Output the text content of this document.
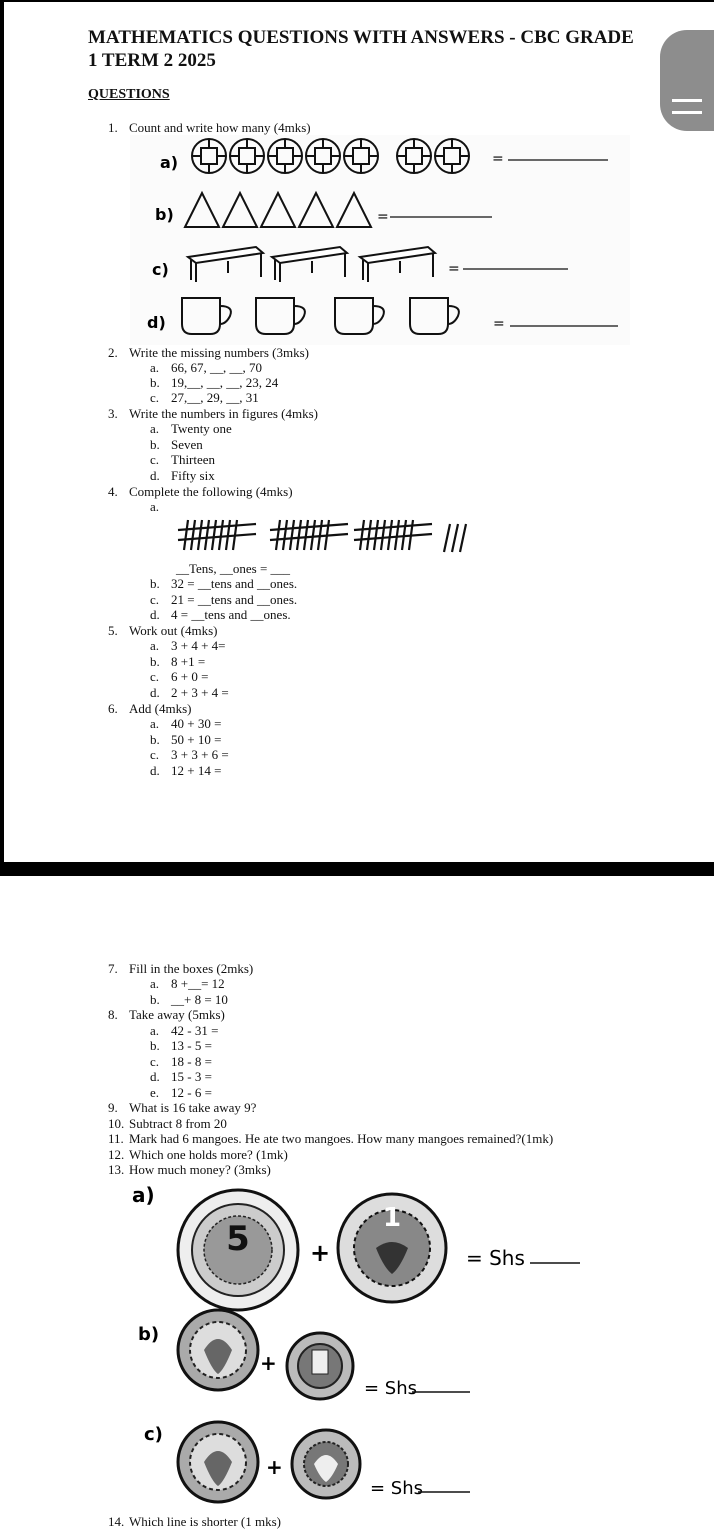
MATHEMATICS QUESTIONS WITH ANSWERS - CBC GRADE 1 TERM 2 2025
QUESTIONS
1. Count and write how many (4mks)
a)
b)
c)
d)
=
=
=
=
2. Write the missing numbers (3mks)
a. 66, 67, __, __, 70
b. 19,__, __, __, 23, 24
c. 27,__, 29, __, 31
3. Write the numbers in figures (4mks)
a. Twenty one
b. Seven
c. Thirteen
d. Fifty six
4. Complete the following (4mks)
a.
__Tens, __ones = ___
b. 32 = __tens and __ones.
c. 21 = __tens and __ones.
d. 4 = __tens and __ones.
5. Work out (4mks)
a. 3 + 4 + 4=
b. 8 +1 =
c. 6 + 0 =
d. 2 + 3 + 4 =
6. Add (4mks)
a. 40 + 30 =
b. 50 + 10 =
c. 3 + 3 + 6 =
d. 12 + 14 =
7. Fill in the boxes (2mks)
a. 8 +__= 12
b. __+ 8 = 10
8. Take away (5mks)
a. 42 - 31 =
b. 13 - 5 =
c. 18 - 8 =
d. 15 - 3 =
e. 12 - 6 =
9. What is 16 take away 9?
10. Subtract 8 from 20
11. Mark had 6 mangoes. He ate two mangoes. How many mangoes remained?(1mk)
12. Which one holds more? (1mk)
13. How much money? (3mks)
a)
b)
c)
5	+
1
= Shs
+
= Shs
+
= Shs
14. Which line is shorter (1 mks)
